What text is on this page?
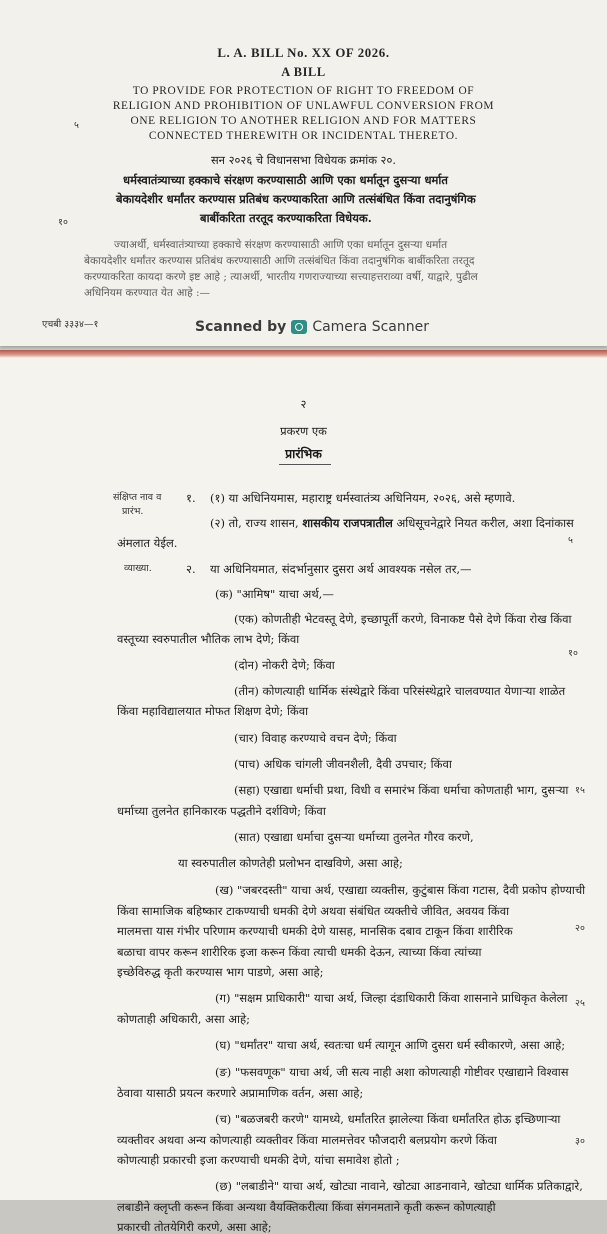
L. A. BILL No. XX OF 2026.
A BILL
TO PROVIDE FOR PROTECTION OF RIGHT TO FREEDOM OF
RELIGION AND PROHIBITION OF UNLAWFUL CONVERSION FROM
ONE RELIGION TO ANOTHER RELIGION AND FOR MATTERS
CONNECTED THEREWITH OR INCIDENTAL THERETO.
५
सन २०२६ चे विधानसभा विधेयक क्रमांक २०.
धर्मस्वातंत्र्याच्या हक्काचे संरक्षण करण्यासाठी आणि एका धर्मातून दुसऱ्या धर्मात
बेकायदेशीर धर्मांतर करण्यास प्रतिबंध करण्याकरिता आणि तत्संबंधित किंवा तदानुषंगिक
बाबींकरिता तरतूद करण्याकरिता विधेयक.
१०
ज्याअर्थी, धर्मस्वातंत्र्याच्या हक्काचे संरक्षण करण्यासाठी आणि एका धर्मातून दुसऱ्या धर्मात
बेकायदेशीर धर्मांतर करण्यास प्रतिबंध करण्यासाठी आणि तत्संबंधित किंवा तदानुषंगिक बाबींकरिता तरतूद
करण्याकरिता कायदा करणे इष्ट आहे ; त्याअर्थी, भारतीय गणराज्याच्या सत्त्याहत्तराव्या वर्षी, याद्वारे, पुढील
अधिनियम करण्यात येत आहे :—
एचबी ३३३४—१	Scanned by Camera Scanner
२
प्रकरण एक
प्रारंभिक
संक्षिप्त नाव व
प्रारंभ.
१. (१) या अधिनियमास, महाराष्ट्र धर्मस्वातंत्र्य अधिनियम, २०२६, असे म्हणावे.
(२) तो, राज्य शासन, शासकीय राजपत्रातील अधिसूचनेद्वारे नियत करील, अशा दिनांकास
अंमलात येईल.	५
व्याख्या.	२. या अधिनियमात, संदर्भानुसार दुसरा अर्थ आवश्यक नसेल तर,—
(क) "आमिष" याचा अर्थ,—
(एक) कोणतीही भेटवस्तू देणे, इच्छापूर्ती करणे, विनाकष्ट पैसे देणे किंवा रोख किंवा
वस्तूच्या स्वरुपातील भौतिक लाभ देणे; किंवा
(दोन) नोकरी देणे; किंवा
१०
(तीन) कोणत्याही धार्मिक संस्थेद्वारे किंवा परिसंस्थेद्वारे चालवण्यात येणाऱ्या शाळेत
किंवा महाविद्यालयात मोफत शिक्षण देणे; किंवा
(चार) विवाह करण्याचे वचन देणे; किंवा
(पाच) अधिक चांगली जीवनशैली, दैवी उपचार; किंवा
(सहा) एखाद्या धर्माची प्रथा, विधी व समारंभ किंवा धर्माचा कोणताही भाग, दुसऱ्या
धर्माच्या तुलनेत हानिकारक पद्धतीने दर्शविणे; किंवा
१५
(सात) एखाद्या धर्माचा दुसऱ्या धर्माच्या तुलनेत गौरव करणे,
या स्वरुपातील कोणतेही प्रलोभन दाखविणे, असा आहे;
(ख) "जबरदस्ती" याचा अर्थ, एखाद्या व्यक्तीस, कुटुंबास किंवा गटास, दैवी प्रकोप होण्याची
किंवा सामाजिक बहिष्कार टाकण्याची धमकी देणे अथवा संबंधित व्यक्तीचे जीवित, अवयव किंवा
मालमत्ता यास गंभीर परिणाम करण्याची धमकी देणे यासह, मानसिक दबाव टाकून किंवा शारीरिक
बळाचा वापर करून शारीरिक इजा करून किंवा त्याची धमकी देऊन, त्याच्या किंवा त्यांच्या
इच्छेविरुद्ध कृती करण्यास भाग पाडणे, असा आहे;
२०
(ग) "सक्षम प्राधिकारी" याचा अर्थ, जिल्हा दंडाधिकारी किंवा शासनाने प्राधिकृत केलेला
कोणताही अधिकारी, असा आहे;
२५
(घ) "धर्मांतर" याचा अर्थ, स्वतःचा धर्म त्यागून आणि दुसरा धर्म स्वीकारणे, असा आहे;
(ङ) "फसवणूक" याचा अर्थ, जी सत्य नाही अशा कोणत्याही गोष्टीवर एखाद्याने विश्वास
ठेवावा यासाठी प्रयत्न करणारे अप्रामाणिक वर्तन, असा आहे;
(च) "बळजबरी करणे" यामध्ये, धर्मांतरित झालेल्या किंवा धर्मांतरित होऊ इच्छिणाऱ्या
व्यक्तीवर अथवा अन्य कोणत्याही व्यक्तीवर किंवा मालमत्तेवर फौजदारी बलप्रयोग करणे किंवा
कोणत्याही प्रकारची इजा करण्याची धमकी देणे, यांचा समावेश होतो ;
३०
(छ) "लबाडीने" याचा अर्थ, खोट्या नावाने, खोट्या आडनावाने, खोट्या धार्मिक प्रतिकाद्वारे,
लबाडीने क्लृप्ती करून किंवा अन्यथा वैयक्तिकरीत्या किंवा संगनमताने कृती करून कोणत्याही
प्रकारची तोतयेगिरी करणे, असा आहे;
